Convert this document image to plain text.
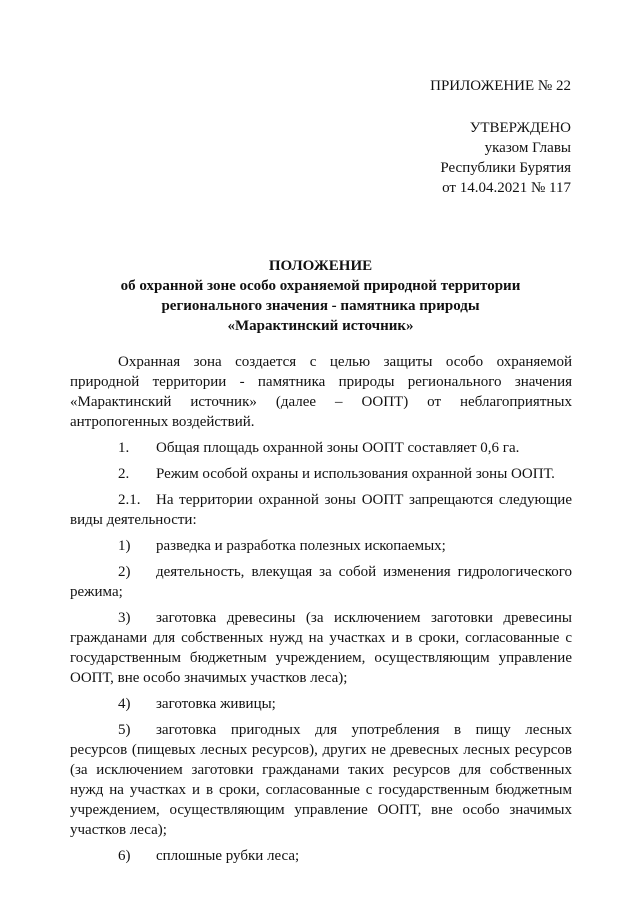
ПРИЛОЖЕНИЕ № 22
УТВЕРЖДЕНО
указом Главы
Республики Бурятия
от 14.04.2021 № 117
ПОЛОЖЕНИЕ
об охранной зоне особо охраняемой природной территории
регионального значения - памятника природы
«Марактинский источник»

Охранная зона создается с целью защиты особо охраняемой природной территории - памятника природы регионального значения «Марактинский источник» (далее – ООПТ) от неблагоприятных антропогенных воздействий.

1.	Общая площадь охранной зоны ООПТ составляет 0,6 га.
2.	Режим особой охраны и использования охранной зоны ООПТ.
2.1.	На территории охранной зоны ООПТ запрещаются следующие
виды деятельности:
1)	разведка и разработка полезных ископаемых;
2)	деятельность, влекущая за собой изменения гидрологического
режима;
3)	заготовка древесины (за исключением заготовки древесины
гражданами для собственных нужд на участках и в сроки, согласованные с государственным бюджетным учреждением, осуществляющим управление ООПТ, вне особо значимых участков леса);
4)	заготовка живицы;
5)	заготовка пригодных для употребления в пищу лесных
ресурсов (пищевых лесных ресурсов), других не древесных лесных ресурсов (за исключением заготовки гражданами таких ресурсов для собственных нужд на участках и в сроки, согласованные с государственным бюджетным учреждением, осуществляющим управление ООПТ, вне особо значимых участков леса);
6)	сплошные рубки леса;
